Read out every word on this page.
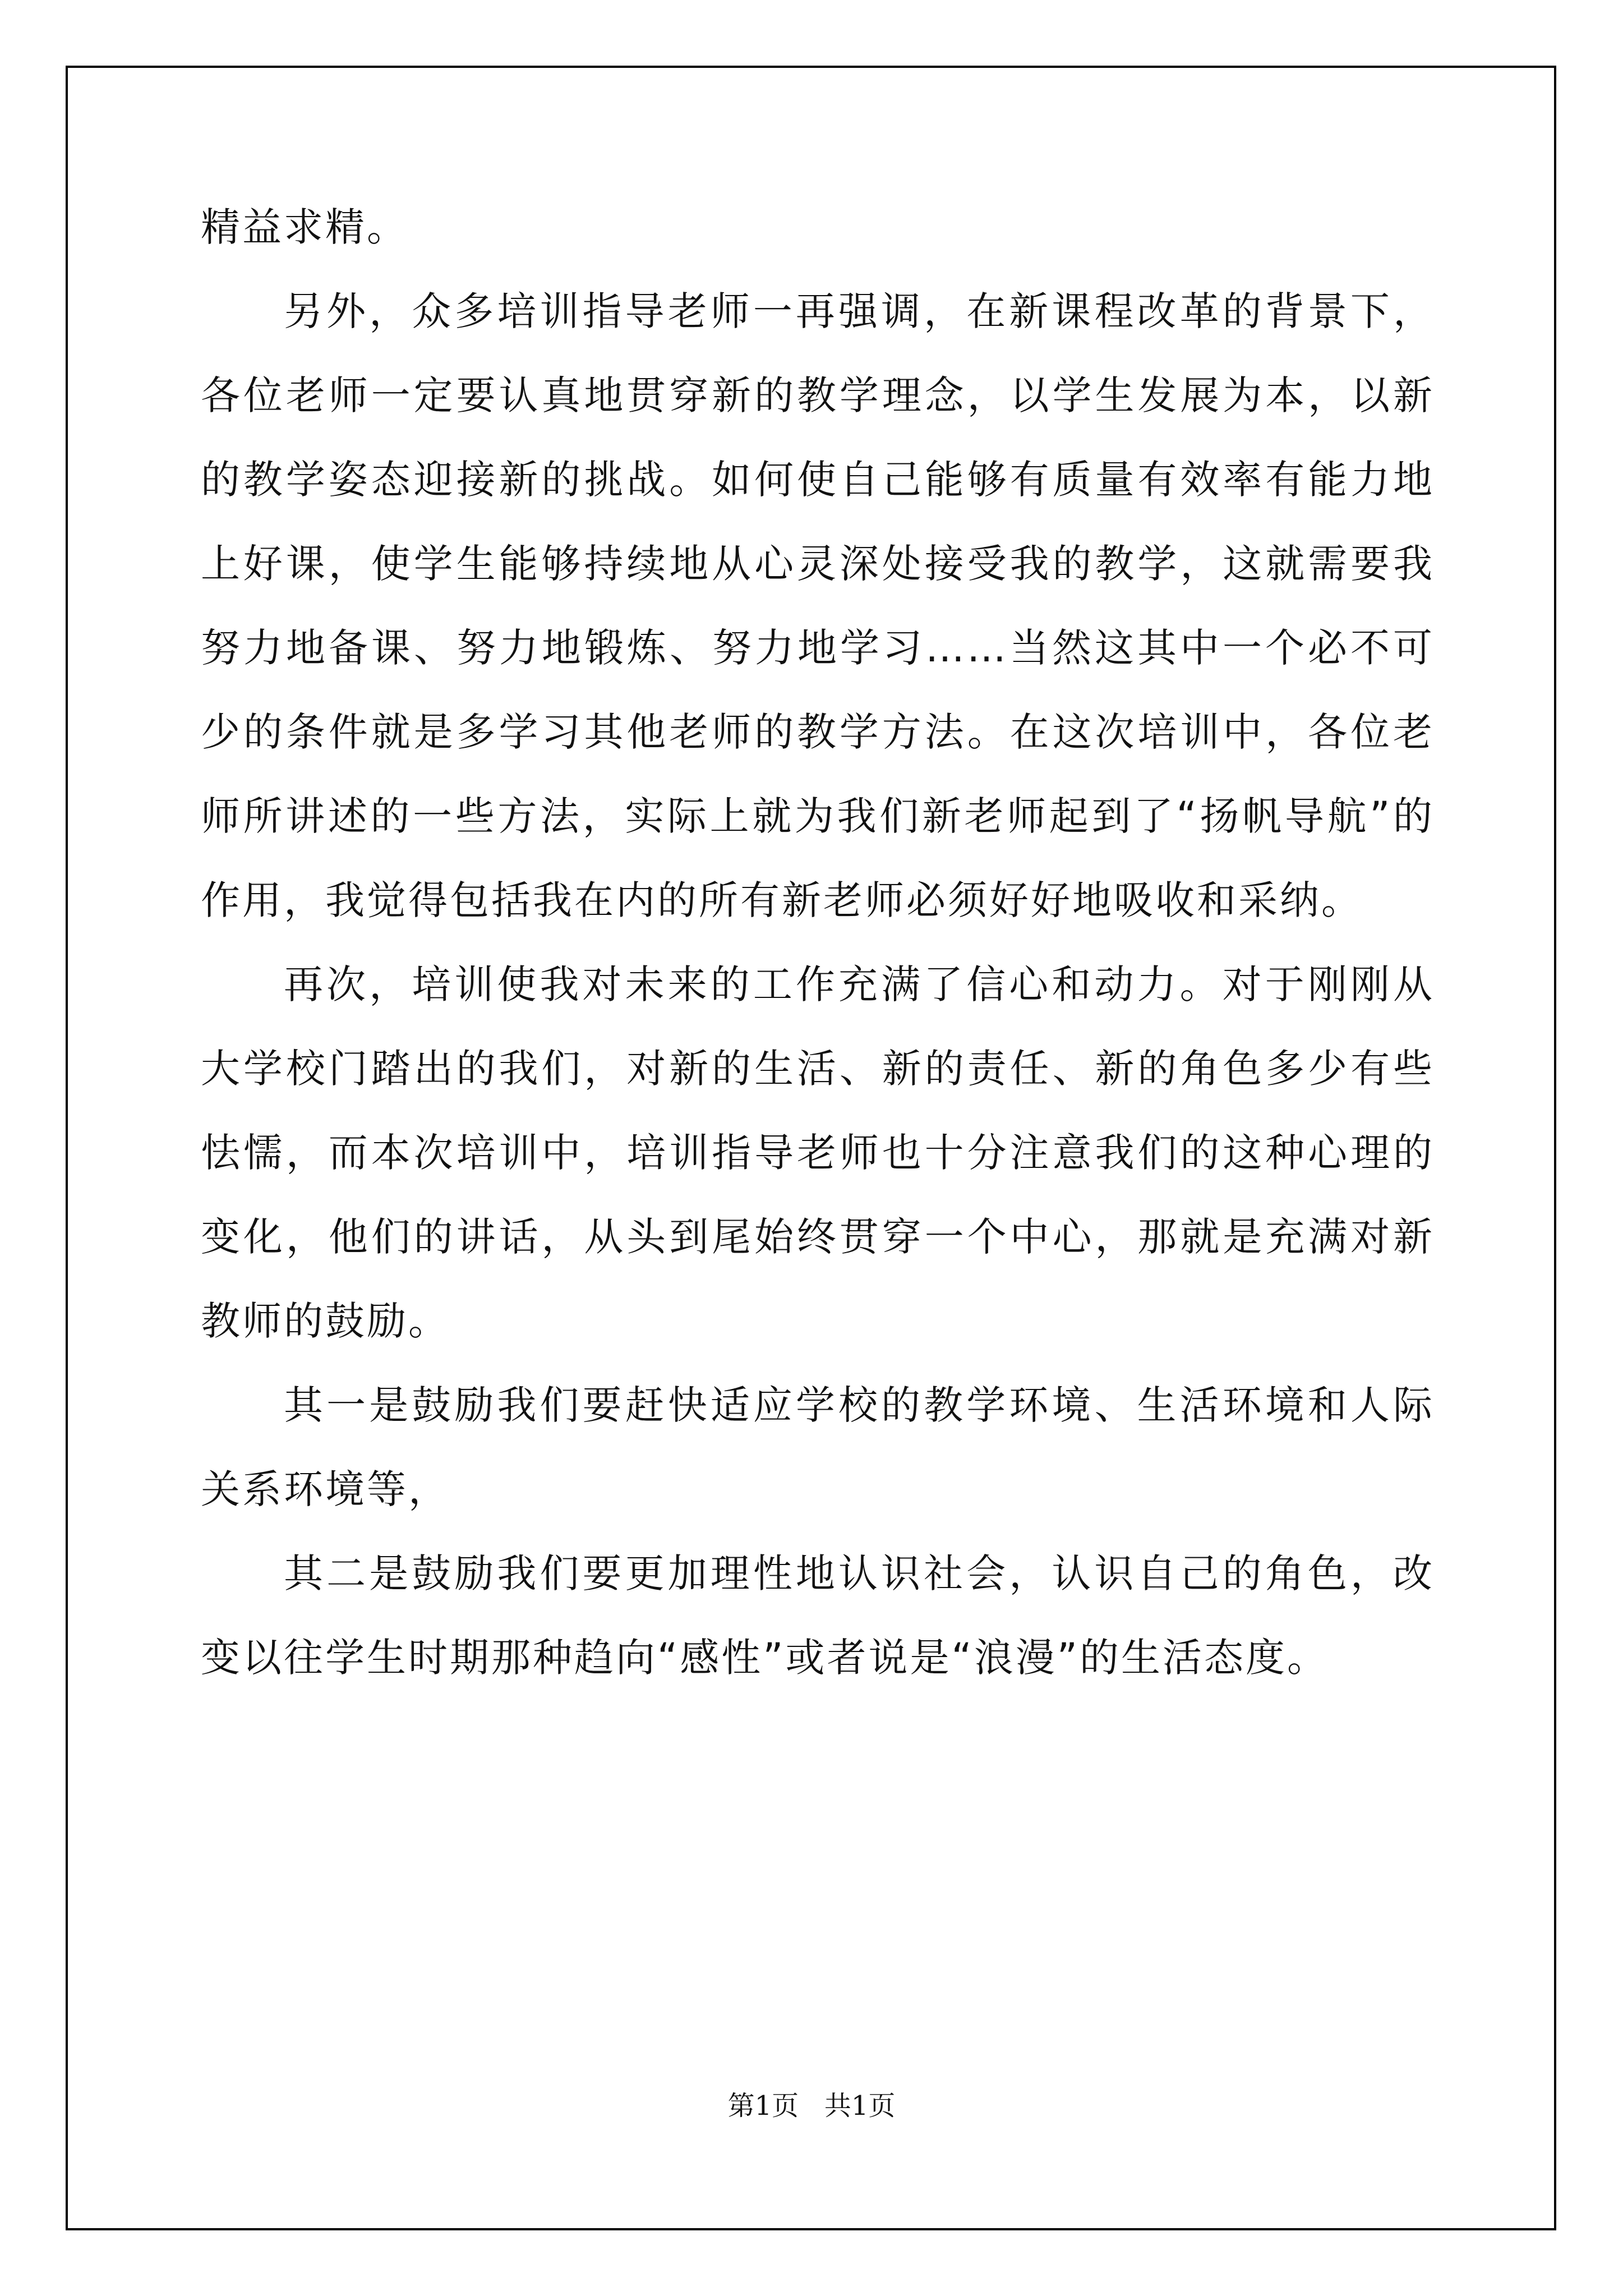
精益求精。

另外，众多培训指导老师一再强调，在新课程改革的背景下，各位老师一定要认真地贯穿新的教学理念，以学生发展为本，以新的教学姿态迎接新的挑战。如何使自己能够有质量有效率有能力地上好课，使学生能够持续地从心灵深处接受我的教学，这就需要我努力地备课、努力地锻炼、努力地学习……当然这其中一个必不可少的条件就是多学习其他老师的教学方法。在这次培训中，各位老师所讲述的一些方法，实际上就为我们新老师起到了“扬帆导航”的作用，我觉得包括我在内的所有新老师必须好好地吸收和采纳。

再次，培训使我对未来的工作充满了信心和动力。对于刚刚从大学校门踏出的我们，对新的生活、新的责任、新的角色多少有些怯懦，而本次培训中，培训指导老师也十分注意我们的这种心理的变化，他们的讲话，从头到尾始终贯穿一个中心，那就是充满对新教师的鼓励。

其一是鼓励我们要赶快适应学校的教学环境、生活环境和人际关系环境等，

其二是鼓励我们要更加理性地认识社会，认识自己的角色，改变以往学生时期那种趋向“感性”或者说是“浪漫”的生活态度。

第1页   共1页
